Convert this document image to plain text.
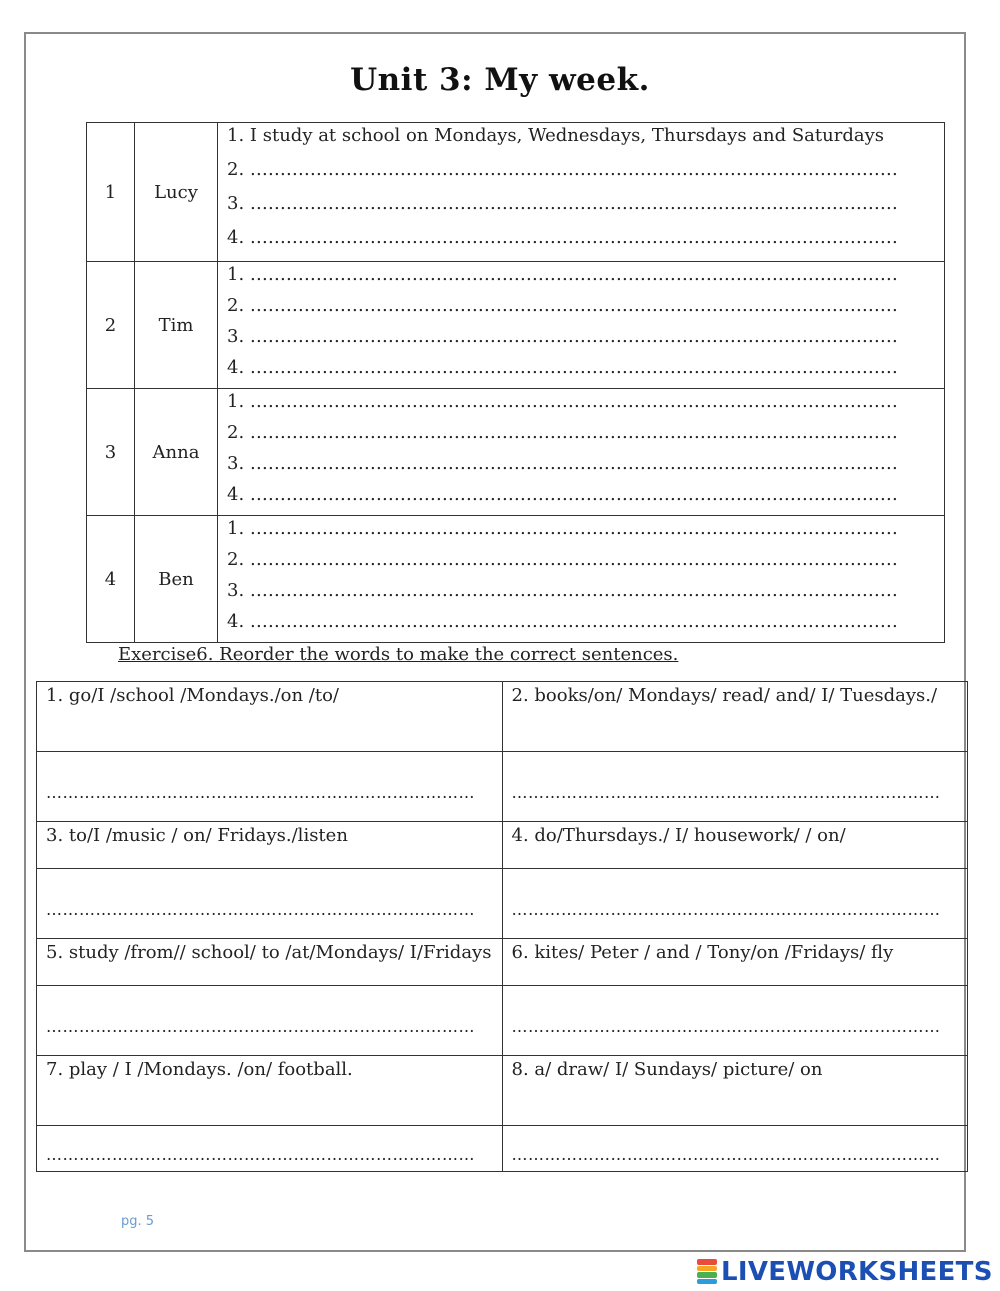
Unit 3: My week.
1	Lucy	1. I study at school on Mondays, Wednesdays, Thursdays and Saturdays
2. ………………………………………………………………………………………………
3. ………………………………………………………………………………………………
4. ………………………………………………………………………………………………

2	Tim	1. ………………………………………………………………………………………………
2. ………………………………………………………………………………………………
3. ………………………………………………………………………………………………
4. ………………………………………………………………………………………………

3	Anna	1. ………………………………………………………………………………………………
2. ………………………………………………………………………………………………
3. ………………………………………………………………………………………………
4. ………………………………………………………………………………………………

4	Ben	1. ………………………………………………………………………………………………
2. ………………………………………………………………………………………………
3. ………………………………………………………………………………………………
4. ………………………………………………………………………………………………
Exercise6. Reorder the words to make the correct sentences.
1. go/I /school /Mondays./on /to/	2. books/on/ Mondays/ read/ and/ I/ Tuesdays./

……………………………………………………………………	……………………………………………………………………

3. to/I /music / on/ Fridays./listen	4. do/Thursdays./ I/ housework/ / on/

……………………………………………………………………	……………………………………………………………………

5. study /from// school/ to /at/Mondays/ I/Fridays	6. kites/ Peter / and / Tony/on /Fridays/ fly

……………………………………………………………………	……………………………………………………………………

7. play / I /Mondays. /on/ football.	8. a/ draw/ I/ Sundays/ picture/ on

……………………………………………………………………	……………………………………………………………………
pg. 5
LIVEWORKSHEETS
